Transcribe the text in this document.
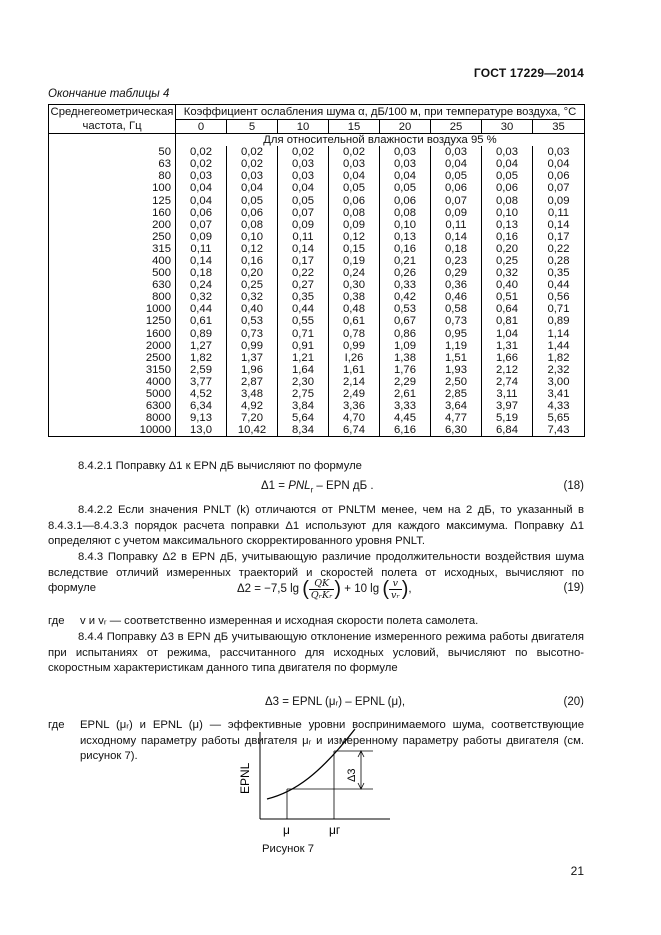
ГОСТ 17229—2014
Окончание таблицы 4
Среднегеометрическая
частота, Гц	Коэффициент ослабления шума α, дБ/100 м, при температуре воздуха, °С							
	0	5	10	15	20	25	30	35
	Для относительной влажности воздуха 95 %							
50	0,02	0,02	0,02	0,02	0,03	0,03	0,03	0,03
63	0,02	0,02	0,03	0,03	0,03	0,04	0,04	0,04
80	0,03	0,03	0,03	0,04	0,04	0,05	0,05	0,06
100	0,04	0,04	0,04	0,05	0,05	0,06	0,06	0,07
125	0,04	0,05	0,05	0,06	0,06	0,07	0,08	0,09
160	0,06	0,06	0,07	0,08	0,08	0,09	0,10	0,11
200	0,07	0,08	0,09	0,09	0,10	0,11	0,13	0,14
250	0,09	0,10	0,11	0,12	0,13	0,14	0,16	0,17
315	0,11	0,12	0,14	0,15	0,16	0,18	0,20	0,22
400	0,14	0,16	0,17	0,19	0,21	0,23	0,25	0,28
500	0,18	0,20	0,22	0,24	0,26	0,29	0,32	0,35
630	0,24	0,25	0,27	0,30	0,33	0,36	0,40	0,44
800	0,32	0,32	0,35	0,38	0,42	0,46	0,51	0,56
1000	0,44	0,40	0,44	0,48	0,53	0,58	0,64	0,71
1250	0,61	0,53	0,55	0,61	0,67	0,73	0,81	0,89
1600	0,89	0,73	0,71	0,78	0,86	0,95	1,04	1,14
2000	1,27	0,99	0,91	0,99	1,09	1,19	1,31	1,44
2500	1,82	1,37	1,21	I,26	1,38	1,51	1,66	1,82
3150	2,59	1,96	1,64	1,61	1,76	1,93	2,12	2,32
4000	3,77	2,87	2,30	2,14	2,29	2,50	2,74	3,00
5000	4,52	3,48	2,75	2,49	2,61	2,85	3,11	3,41
6300	6,34	4,92	3,84	3,36	3,33	3,64	3,97	4,33
8000	9,13	7,20	5,64	4,70	4,45	4,77	5,19	5,65
10000	13,0	10,42	8,34	6,74	6,16	6,30	6,84	7,43
8.4.2.1 Поправку Δ1 к EPN дБ вычисляют по формуле
$\Delta 1 = PNL_r$ – EPN дБ .	(18)
8.4.2.2 Если значения PNLT (k) отличаются от PNLTM менее, чем на 2 дБ, то указанный в 8.4.3.1—8.4.3.3 порядок расчета поправки Δ1 используют для каждого максимума. Поправку Δ1 определяют с учетом максимального скорректированного уровня PNLT.
8.4.3 Поправку Δ2 в EPN дБ, учитывающую различие продолжительности воздействия шума вследствие отличий измеренных траекторий и скоростей полета от исходных, вычисляют по формуле	Δ2 = −7,5 lg ( $\frac{QK}{\text{QᵣKᵣ}}$ ) + 10 lg ( $\frac{v}{\text{vᵣ}}$ ),	(19)
где v и vᵣ — соответственно измеренная и исходная скорости полета самолета.
8.4.4 Поправку Δ3 в EPN дБ учитывающую отклонение измеренного режима работы двигателя при испытаниях от режима, рассчитанного для исходных условий, вычисляют по высотно-скоростным характеристикам данного типа двигателя по формуле
Δ3 = EPNL (μᵣ) – EPNL (μ),	(20)
где EPNL (μᵣ) и EPNL (μ) — эффективные уровни воспринимаемого шума, соответствующие исходному параметру работы двигателя μᵣ и измеренному параметру работы двигателя (см. рисунок 7).
EPNL	Δ3
μ	μг
Рисунок 7
21
